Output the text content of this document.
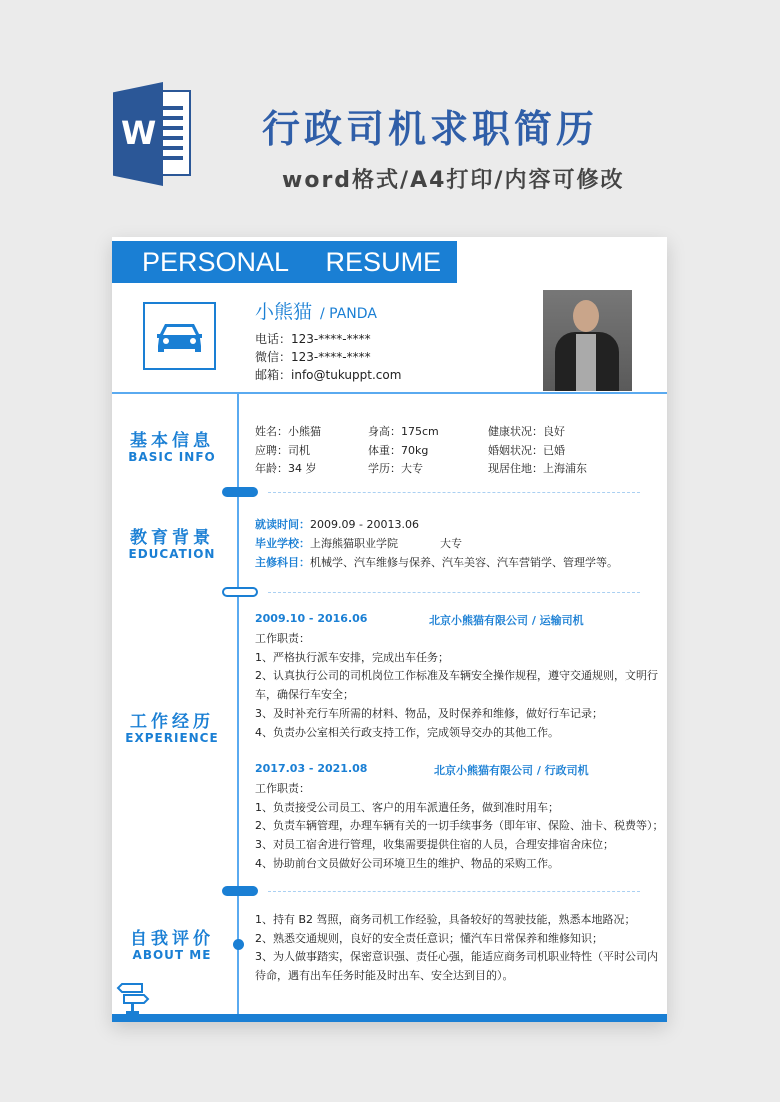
W	行政司机求职简历
word格式/A4打印/内容可修改
PERSONAL RESUME
小熊猫 / PANDA
电话：123-****-****
微信：123-****-****
邮箱：info@tukuppt.com
基本信息
BASIC INFO
姓名：小熊猫	身高：175cm	健康状况：良好
应聘：司机	体重：70kg	婚姻状况：已婚
年龄：34 岁	学历：大专	现居住地：上海浦东
教育背景
EDUCATION
就读时间：2009.09 - 20013.06
毕业学校：上海熊猫职业学院	大专
主修科目：机械学、汽车维修与保养、汽车美容、汽车营销学、管理学等。
工作经历
EXPERIENCE
2009.10 - 2016.06	北京小熊猫有限公司 / 运输司机
工作职责：
1、严格执行派车安排，完成出车任务；
2、认真执行公司的司机岗位工作标准及车辆安全操作规程，遵守交通规则，文明行
车，确保行车安全；
3、及时补充行车所需的材料、物品，及时保养和维修，做好行车记录；
4、负责办公室相关行政支持工作，完成领导交办的其他工作。
2017.03 - 2021.08	北京小熊猫有限公司 / 行政司机
工作职责：
1、负责接受公司员工、客户的用车派遣任务，做到准时用车；
2、负责车辆管理，办理车辆有关的一切手续事务（即年审、保险、油卡、税费等）；
3、对员工宿舍进行管理，收集需要提供住宿的人员，合理安排宿舍床位；
4、协助前台文员做好公司环境卫生的维护、物品的采购工作。
自我评价
ABOUT ME
1、持有 B2 驾照，商务司机工作经验，具备较好的驾驶技能，熟悉本地路况；
2、熟悉交通规则，良好的安全责任意识；懂汽车日常保养和维修知识；
3、为人做事踏实，保密意识强、责任心强，能适应商务司机职业特性（平时公司内
待命，遇有出车任务时能及时出车、安全达到目的）。
